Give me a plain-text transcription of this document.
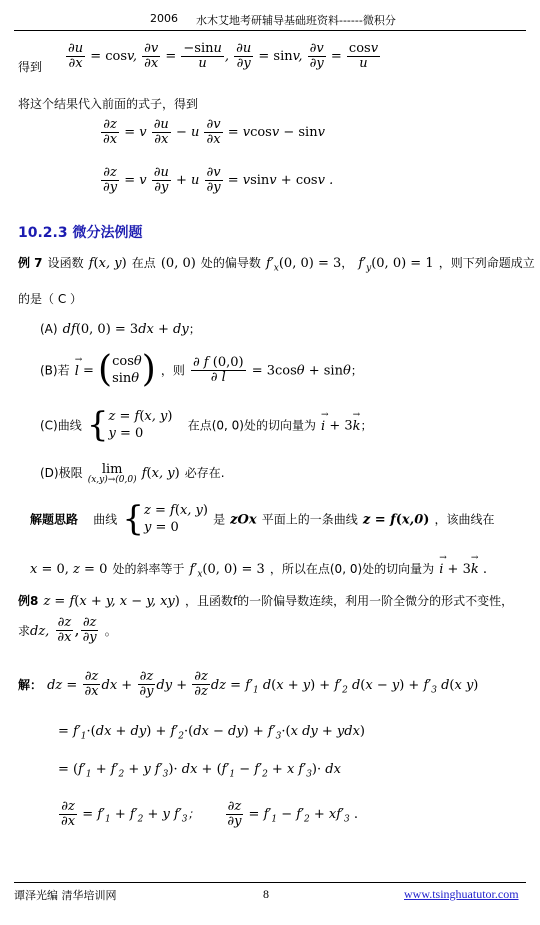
2006 水木艾地考研辅导基础班资料------微积分
得到 $\frac{\partial u}{\partial x} = \cos v$, $\frac{\partial v}{\partial x} = \frac{-\sin u}{u}$ , $\frac{\partial u}{\partial y} = \sin v$, $\frac{\partial v}{\partial y} = \frac{\cos v}{u}$
将这个结果代入前面的式子，得到
$\frac{\partial z}{\partial x} = v \frac{\partial u}{\partial x} - u \frac{\partial v}{\partial x} = vcosv - \sin v$
$\frac{\partial z}{\partial y} = v \frac{\partial u}{\partial y} + u \frac{\partial v}{\partial y} = vsinv + \cos v$ .
10.2.3 微分法例题
例 7 设函数 f(x, y) 在点 (0, 0) 处的偏导数 $f'_x(0$, 0) = 3， $f'_y(0$, 0) = 1 ，则下列命题成立
的是（ C ）
(A) df(0, 0) = 3dx + dy；
(B)若 → l = ( cosθ
sinθ ) ，则 $\frac{\partial f (0,0)}{\partial l} = 3\cos\theta + \sin\theta$；
(C)曲线 { z = f(x, y)
y = 0
在点(0, 0)处的切向量为 → i + 3→ k；
(D)极限 lim
(x,y)→(0,0) f(x, y) 必存在.
解题思路 曲线 { z = f(x, y)
y = 0
是 zOx 平面上的一条曲线 z = f(x,0) ，该曲线在
x = 0, z = 0 处的斜率等于 $f'_x(0$, 0) = 3 ，所以在点(0, 0)处的切向量为 → i + 3→ k .
例8 z = f(x + y, x − y, xy) ，且函数f的一阶偏导数连续，利用一阶全微分的形式不变性，
求dz, $\frac{\partial z}{\partial x}$ , $\frac{\partial z}{\partial y}$ 。
解： dz = $\frac{\partial z}{\partial x}$ dx + $\frac{\partial z}{\partial y}$ dy + $\frac{\partial z}{\partial z}$ dz = $f'_1$ $d(x + y) + f'_2$ $d(x - y) + f'_3$ d(x y)
= $f'_1\cdot(dx + dy) + f'_2\cdot(dx - dy) + f'_3\cdot(x$ dy + ydx)
= ($f'_1 + f'_2 + y$ $f'_3)\cdot$ dx + ($f'_1 - f'_2 + x$ $f'_3)\cdot$ dx
$\frac{\partial z}{\partial x} = f'_1 + f'_2 + y$ $f'_3$； $\frac{\partial z}{\partial y} = f'_1 - f'_2 + xf'_3$ .
谭泽光编 清华培训网	8	www.tsinghuatutor.com
